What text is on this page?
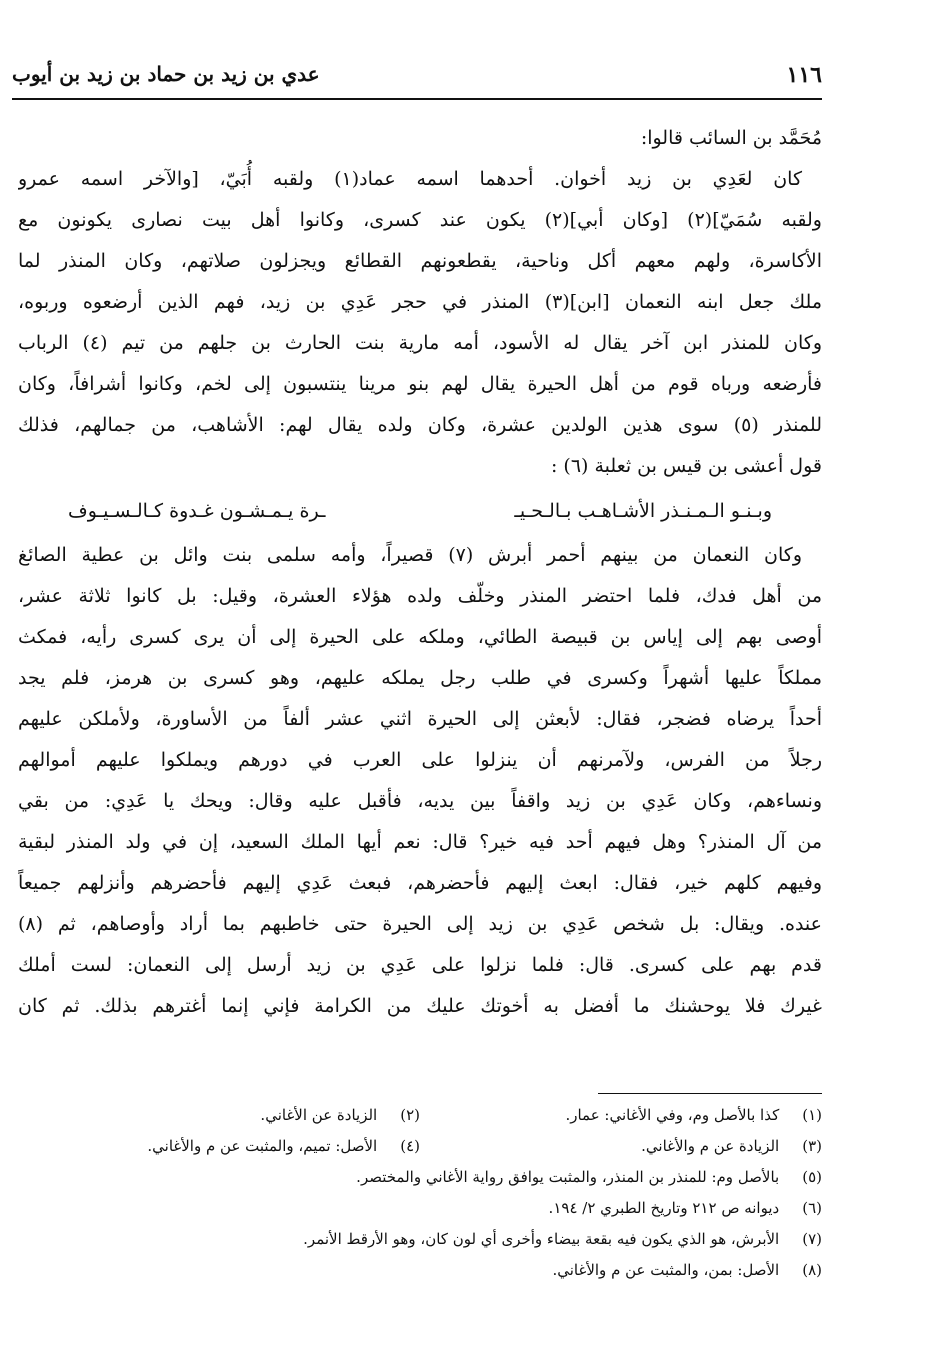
١١٦
عدي بن زيد بن حماد بن زيد بن أيوب
مُحَمَّد بن السائب قالوا:
كان لعَدِي بن زيد أخوان. أحدهما اسمه عماد(١) ولقبه أُبَيّ، [والآخر اسمه عمرو
ولقبه سُمَيّ](٢) [وكان أبي](٢) يكون عند كسرى، وكانوا أهل بيت نصارى يكونون مع
الأكاسرة، ولهم معهم أكل وناحية، يقطعونهم القطائع ويجزلون صلاتهم، وكان المنذر لما
ملك جعل ابنه النعمان [ابن](٣) المنذر في حجر عَدِي بن زيد، فهم الذين أرضعوه وربوه،
وكان للمنذر ابن آخر يقال له الأسود، أمه مارية بنت الحارث بن جلهم من تيم (٤) الرباب
فأرضعه ورباه قوم من أهل الحيرة يقال لهم بنو مرينا ينتسبون إلى لخم، وكانوا أشرافاً، وكان
للمنذر (٥) سوى هذين الولدين عشرة، وكان ولده يقال لهم: الأشاهب، من جمالهم، فذلك
قول أعشى بن قيس بن ثعلبة (٦) :
وبـنـو الـمـنـذر الأشـاهـب بـالـحـيـ
ـرة يـمـشـون غـدوة كـالـسـيـوف
وكان النعمان من بينهم أحمر أبرش (٧) قصيراً، وأمه سلمى بنت وائل بن عطية الصائغ
من أهل فدك، فلما احتضر المنذر وخلّف ولده هؤلاء العشرة، وقيل: بل كانوا ثلاثة عشر،
أوصى بهم إلى إياس بن قبيصة الطائي، وملكه على الحيرة إلى أن يرى كسرى رأيه، فمكث
مملكاً عليها أشهراً وكسرى في طلب رجل يملكه عليهم، وهو كسرى بن هرمز، فلم يجد
أحداً يرضاه فضجر، فقال: لأبعثن إلى الحيرة اثني عشر ألفاً من الأساورة، ولأملكن عليهم
رجلاً من الفرس، ولآمرنهم أن ينزلوا على العرب في دورهم ويملكوا عليهم أموالهم
ونساءهم، وكان عَدِي بن زيد واقفاً بين يديه، فأقبل عليه وقال: ويحك يا عَدِي: من بقي
من آل المنذر؟ وهل فيهم أحد فيه خير؟ قال: نعم أيها الملك السعيد، إن في ولد المنذر لبقية
وفيهم كلهم خير، فقال: ابعث إليهم فأحضرهم، فبعث عَدِي إليهم فأحضرهم وأنزلهم جميعاً
عنده. ويقال: بل شخص عَدِي بن زيد إلى الحيرة حتى خاطبهم بما أراد وأوصاهم، ثم (٨)
قدم بهم على كسرى. قال: فلما نزلوا على عَدِي بن زيد أرسل إلى النعمان: لست أملك
غيرك فلا يوحشنك ما أفضل به أخوتك عليك من الكرامة فإني إنما أغترهم بذلك. ثم كان
(١) كذا بالأصل وم، وفي الأغاني: عمار.
(٢) الزيادة عن الأغاني.
(٣) الزيادة عن م والأغاني.
(٤) الأصل: تميم، والمثبت عن م والأغاني.
(٥) بالأصل وم: للمنذر بن المنذر، والمثبت يوافق رواية الأغاني والمختصر.
(٦) ديوانه ص ٢١٢ وتاريخ الطبري ٢/ ١٩٤.
(٧) الأبرش، هو الذي يكون فيه بقعة بيضاء وأخرى أي لون كان، وهو الأرقط الأنمر.
(٨) الأصل: بمن، والمثبت عن م والأغاني.
